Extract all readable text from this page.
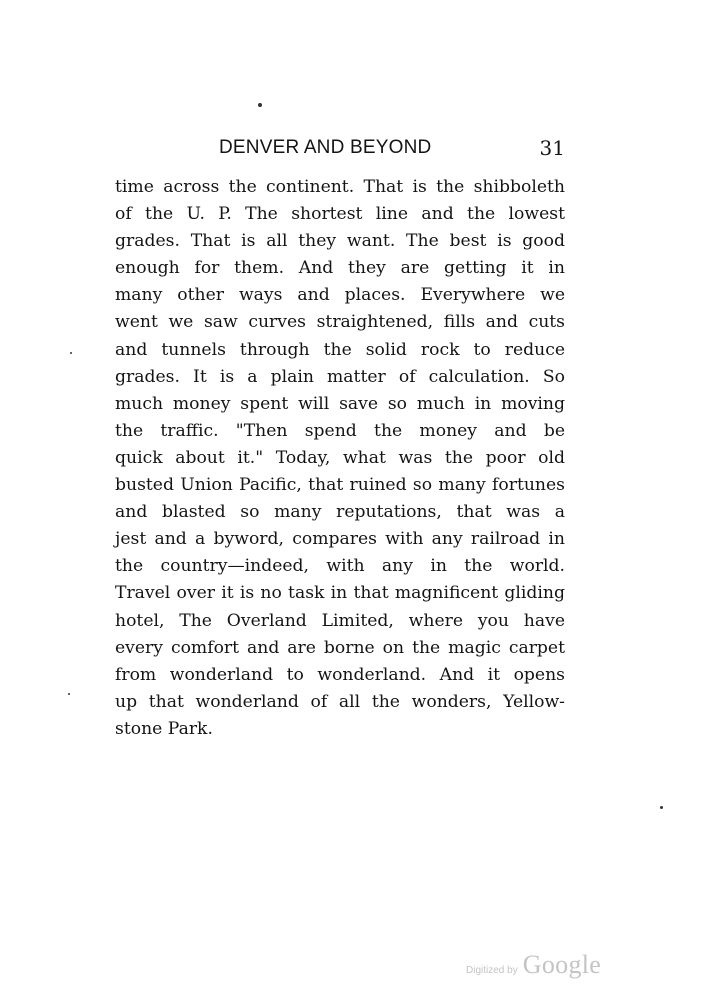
DENVER AND BEYOND	31
time across the continent. That is the shibboleth
of the U. P. The shortest line and the lowest
grades. That is all they want. The best is good
enough for them. And they are getting it in
many other ways and places. Everywhere we
went we saw curves straightened, fills and cuts
and tunnels through the solid rock to reduce
grades. It is a plain matter of calculation. So
much money spent will save so much in moving
the traffic. "Then spend the money and be
quick about it." Today, what was the poor old
busted Union Pacific, that ruined so many fortunes
and blasted so many reputations, that was a
jest and a byword, compares with any railroad in
the country—indeed, with any in the world.
Travel over it is no task in that magnificent gliding
hotel, The Overland Limited, where you have
every comfort and are borne on the magic carpet
from wonderland to wonderland. And it opens
up that wonderland of all the wonders, Yellow-
stone Park.
Digitized by Google
